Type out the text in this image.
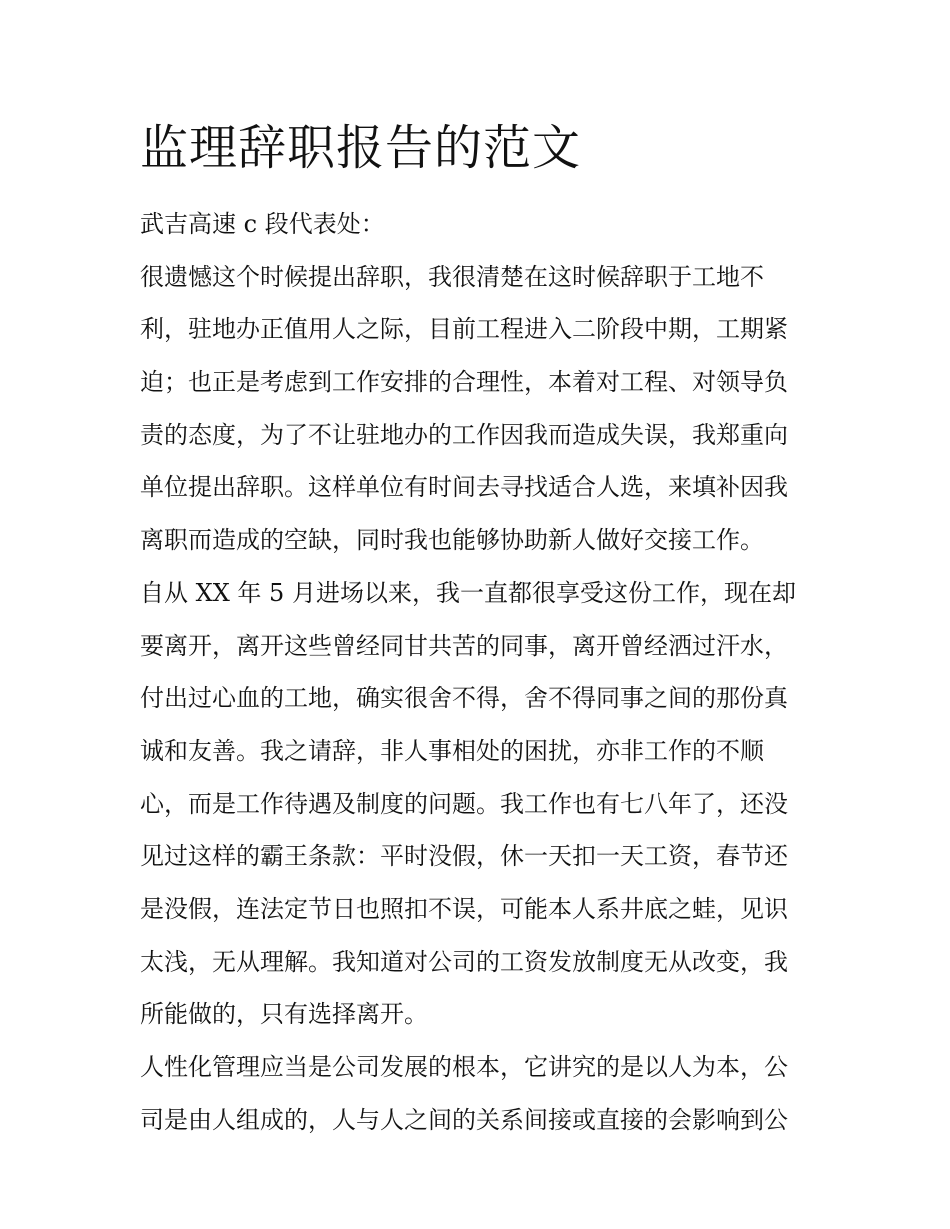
监理辞职报告的范文
武吉高速 c 段代表处：
很遗憾这个时候提出辞职，我很清楚在这时候辞职于工地不
利，驻地办正值用人之际，目前工程进入二阶段中期，工期紧
迫；也正是考虑到工作安排的合理性，本着对工程、对领导负
责的态度，为了不让驻地办的工作因我而造成失误，我郑重向
单位提出辞职。这样单位有时间去寻找适合人选，来填补因我
离职而造成的空缺，同时我也能够协助新人做好交接工作。
自从 XX 年 5 月进场以来，我一直都很享受这份工作，现在却
要离开，离开这些曾经同甘共苦的同事，离开曾经洒过汗水，
付出过心血的工地，确实很舍不得，舍不得同事之间的那份真
诚和友善。我之请辞，非人事相处的困扰，亦非工作的不顺
心，而是工作待遇及制度的问题。我工作也有七八年了，还没
见过这样的霸王条款：平时没假，休一天扣一天工资，春节还
是没假，连法定节日也照扣不误，可能本人系井底之蛙，见识
太浅，无从理解。我知道对公司的工资发放制度无从改变，我
所能做的，只有选择离开。
人性化管理应当是公司发展的根本，它讲究的是以人为本，公
司是由人组成的，人与人之间的关系间接或直接的会影响到公
